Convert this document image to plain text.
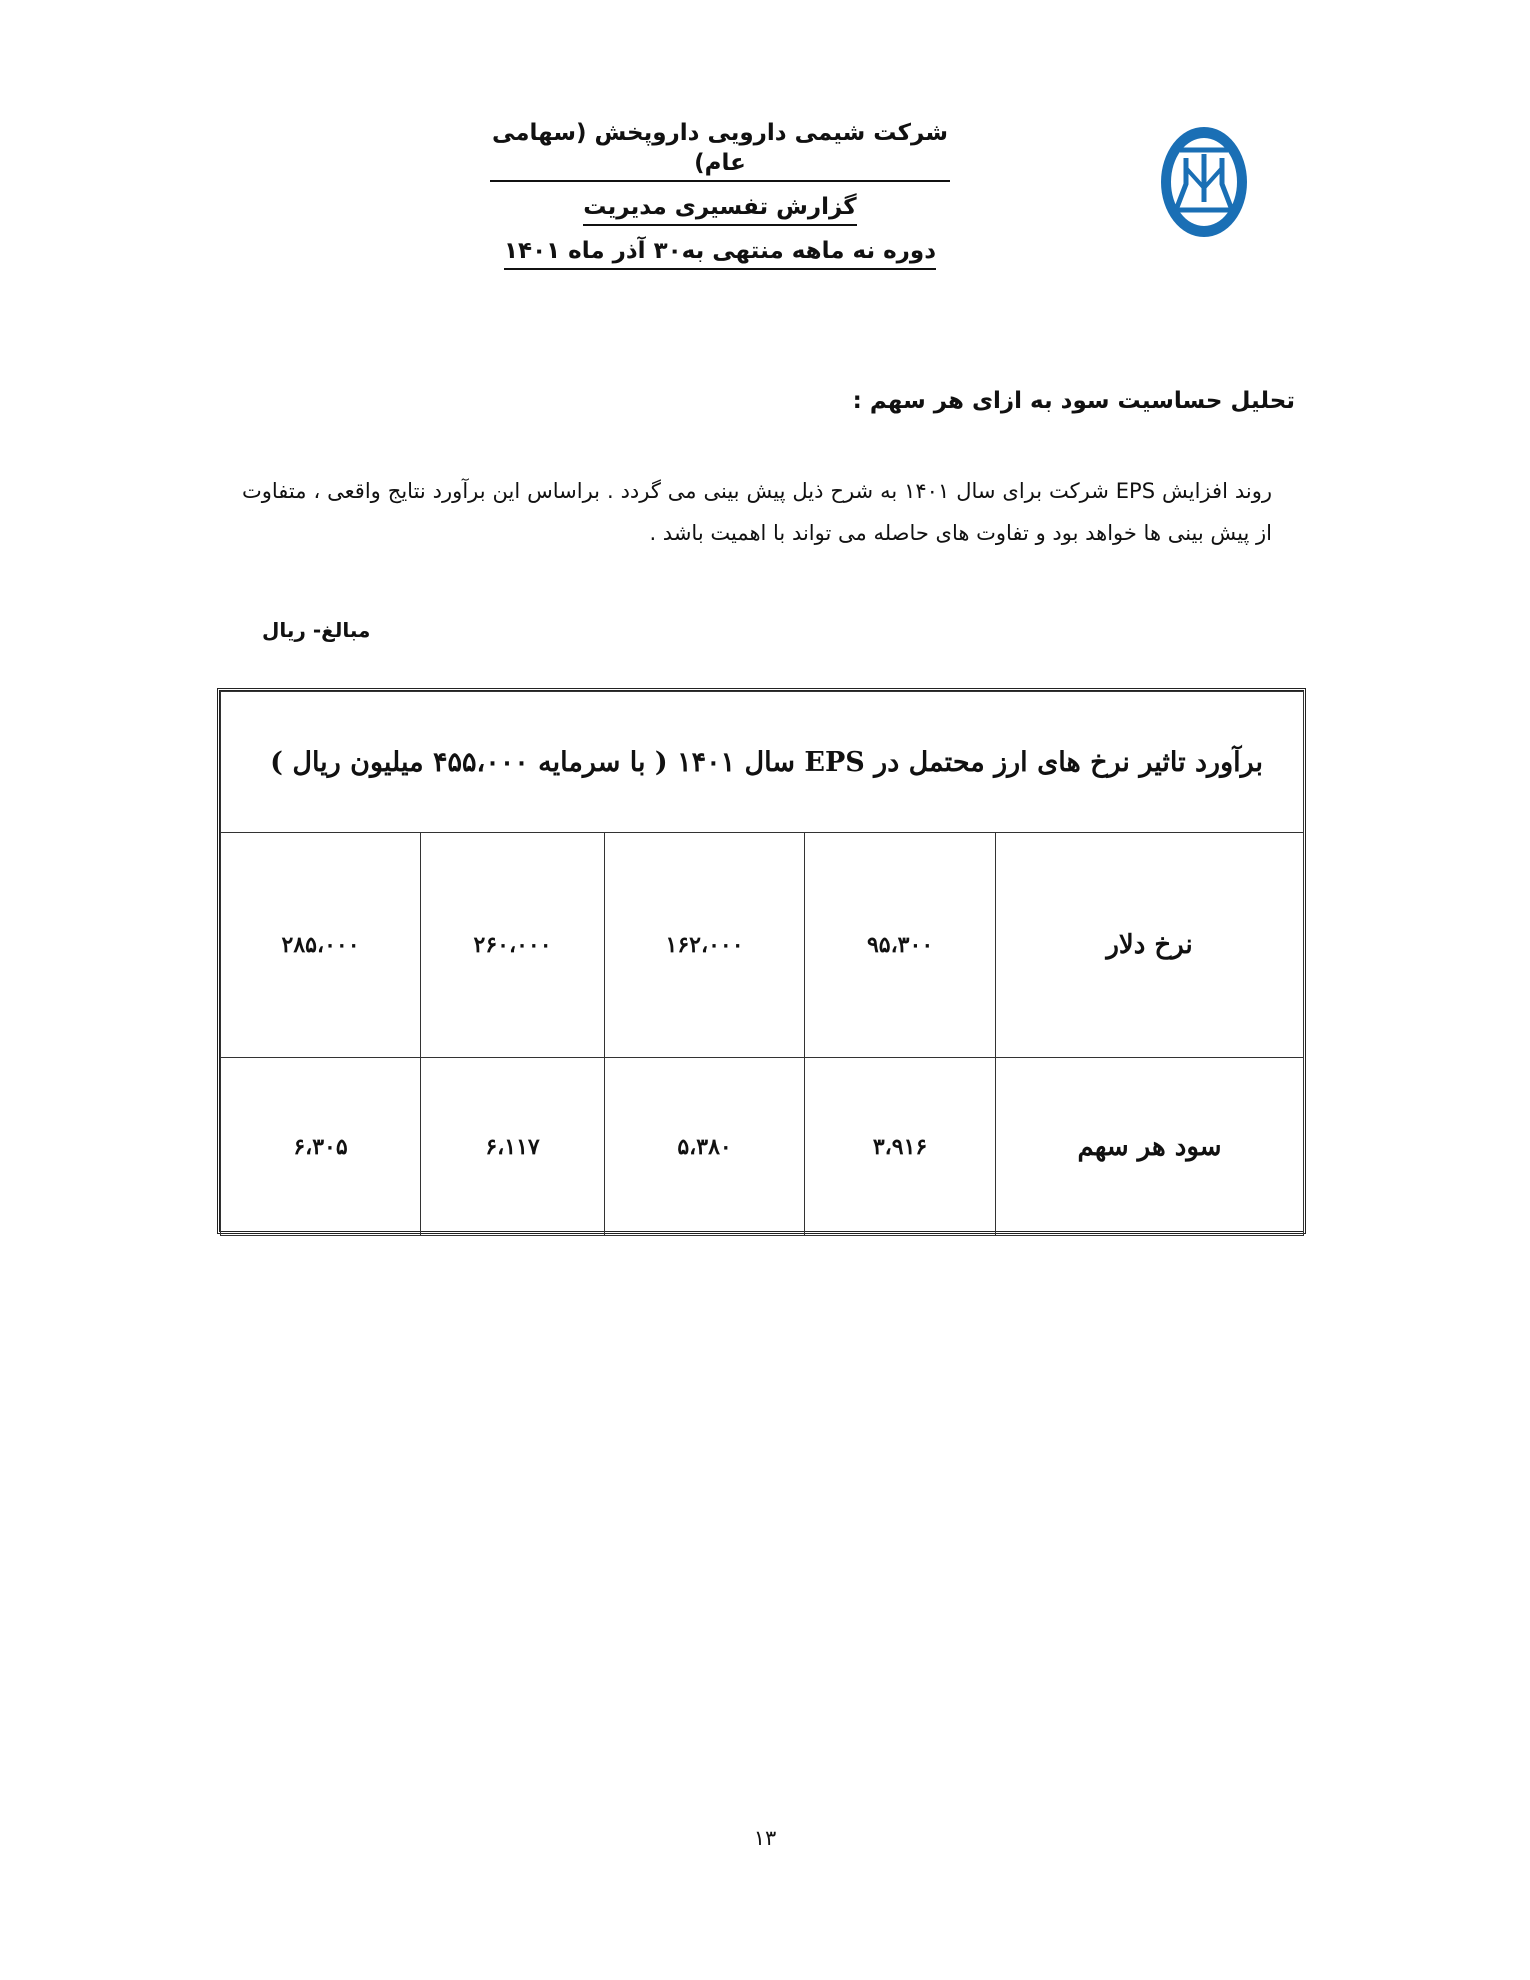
شرکت شیمی دارویی داروپخش (سهامی عام)
گزارش تفسیری مدیریت
دوره نه ماهه منتهی به۳۰ آذر ماه ۱۴۰۱
تحلیل حساسیت سود به ازای هر سهم :
روند افزایش EPS شرکت برای سال ۱۴۰۱ به شرح ذیل پیش بینی می گردد . براساس این برآورد نتایج واقعی ، متفاوت از پیش بینی ها خواهد بود و تفاوت های حاصله می تواند با اهمیت باشد .
مبالغ- ریال
برآورد تاثیر نرخ های ارز محتمل در EPS سال ۱۴۰۱ ( با سرمایه ۴۵۵،۰۰۰ میلیون ریال )				
نرخ دلار	۹۵،۳۰۰	۱۶۲،۰۰۰	۲۶۰،۰۰۰	۲۸۵،۰۰۰
سود هر سهم	۳،۹۱۶	۵،۳۸۰	۶،۱۱۷	۶،۳۰۵
۱۳
